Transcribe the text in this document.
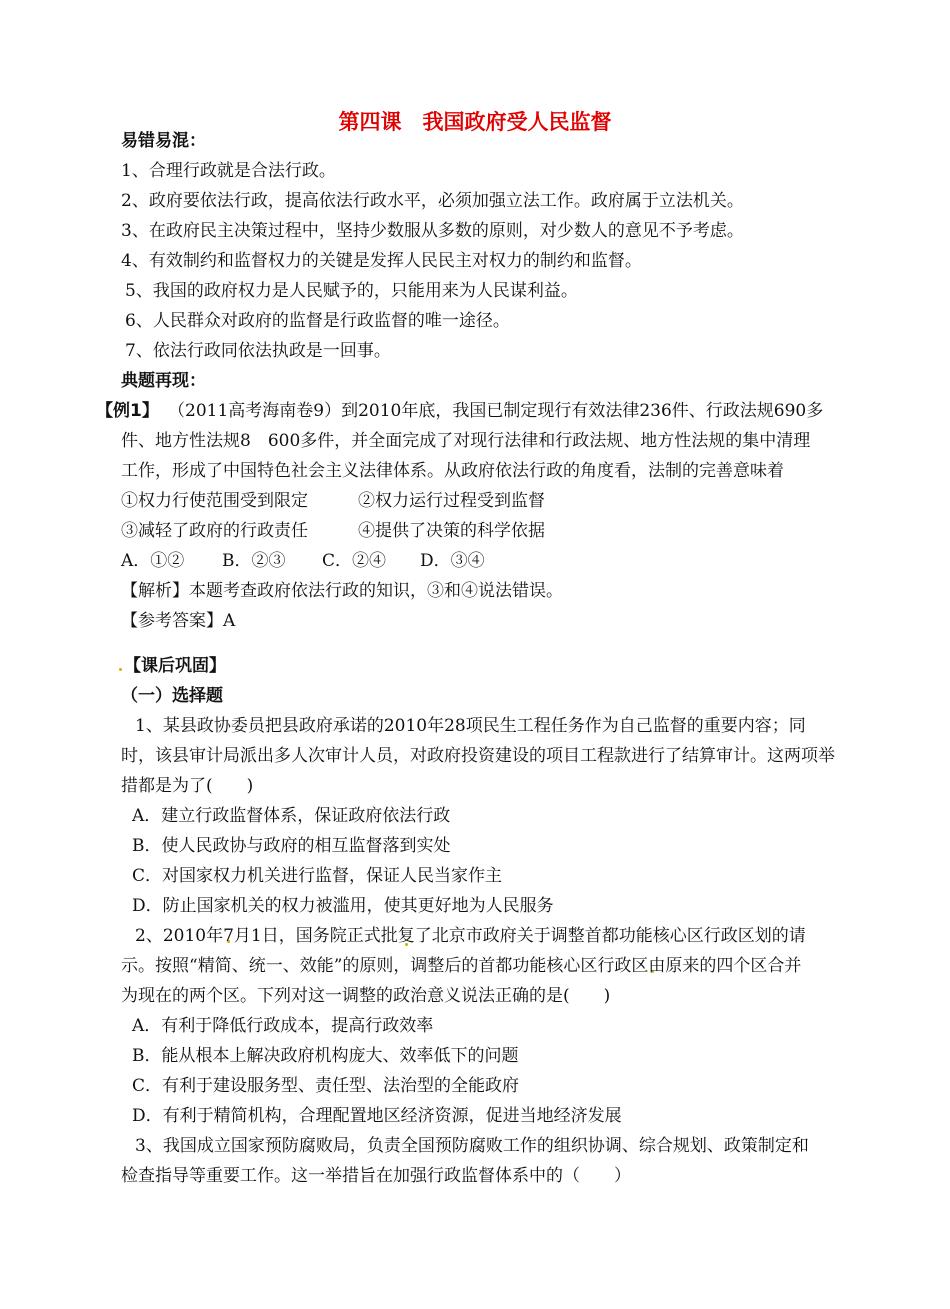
第四课　我国政府受人民监督
易错易混：
1、合理行政就是合法行政。
2、政府要依法行政，提高依法行政水平，必须加强立法工作。政府属于立法机关。
3、在政府民主决策过程中，坚持少数服从多数的原则，对少数人的意见不予考虑。
4、有效制约和监督权力的关键是发挥人民民主对权力的制约和监督。
5、我国的政府权力是人民赋予的，只能用来为人民谋利益。
6、人民群众对政府的监督是行政监督的唯一途径。
7、依法行政同依法执政是一回事。
典题再现：
【例1】 （2011高考海南卷9）到2010年底，我国已制定现行有效法律236件、行政法规690多
件、地方性法规8　600多件，并全面完成了对现行法律和行政法规、地方性法规的集中清理
工作，形成了中国特色社会主义法律体系。从政府依法行政的角度看，法制的完善意味着
①权力行使范围受到限定	②权力运行过程受到监督
③减轻了政府的行政责任	④提供了决策的科学依据
A．①② B．②③ C．②④ D．③④
【解析】本题考查政府依法行政的知识，③和④说法错误。
【参考答案】A
【课后巩固】
（一）选择题
1、某县政协委员把县政府承诺的2010年28项民生工程任务作为自己监督的重要内容；同
时，该县审计局派出多人次审计人员，对政府投资建设的项目工程款进行了结算审计。这两项举
措都是为了(　　)
A．建立行政监督体系，保证政府依法行政
B．使人民政协与政府的相互监督落到实处
C．对国家权力机关进行监督，保证人民当家作主
D．防止国家机关的权力被滥用，使其更好地为人民服务
2、2010年7月1日，国务院正式批复了北京市政府关于调整首都功能核心区行政区划的请
示。按照“精简、统一、效能”的原则，调整后的首都功能核心区行政区由原来的四个区合并
为现在的两个区。下列对这一调整的政治意义说法正确的是(　　)
A．有利于降低行政成本，提高行政效率
B．能从根本上解决政府机构庞大、效率低下的问题
C．有利于建设服务型、责任型、法治型的全能政府
D．有利于精简机构，合理配置地区经济资源，促进当地经济发展
3、我国成立国家预防腐败局，负责全国预防腐败工作的组织协调、综合规划、政策制定和
检查指导等重要工作。这一举措旨在加强行政监督体系中的（　　）
